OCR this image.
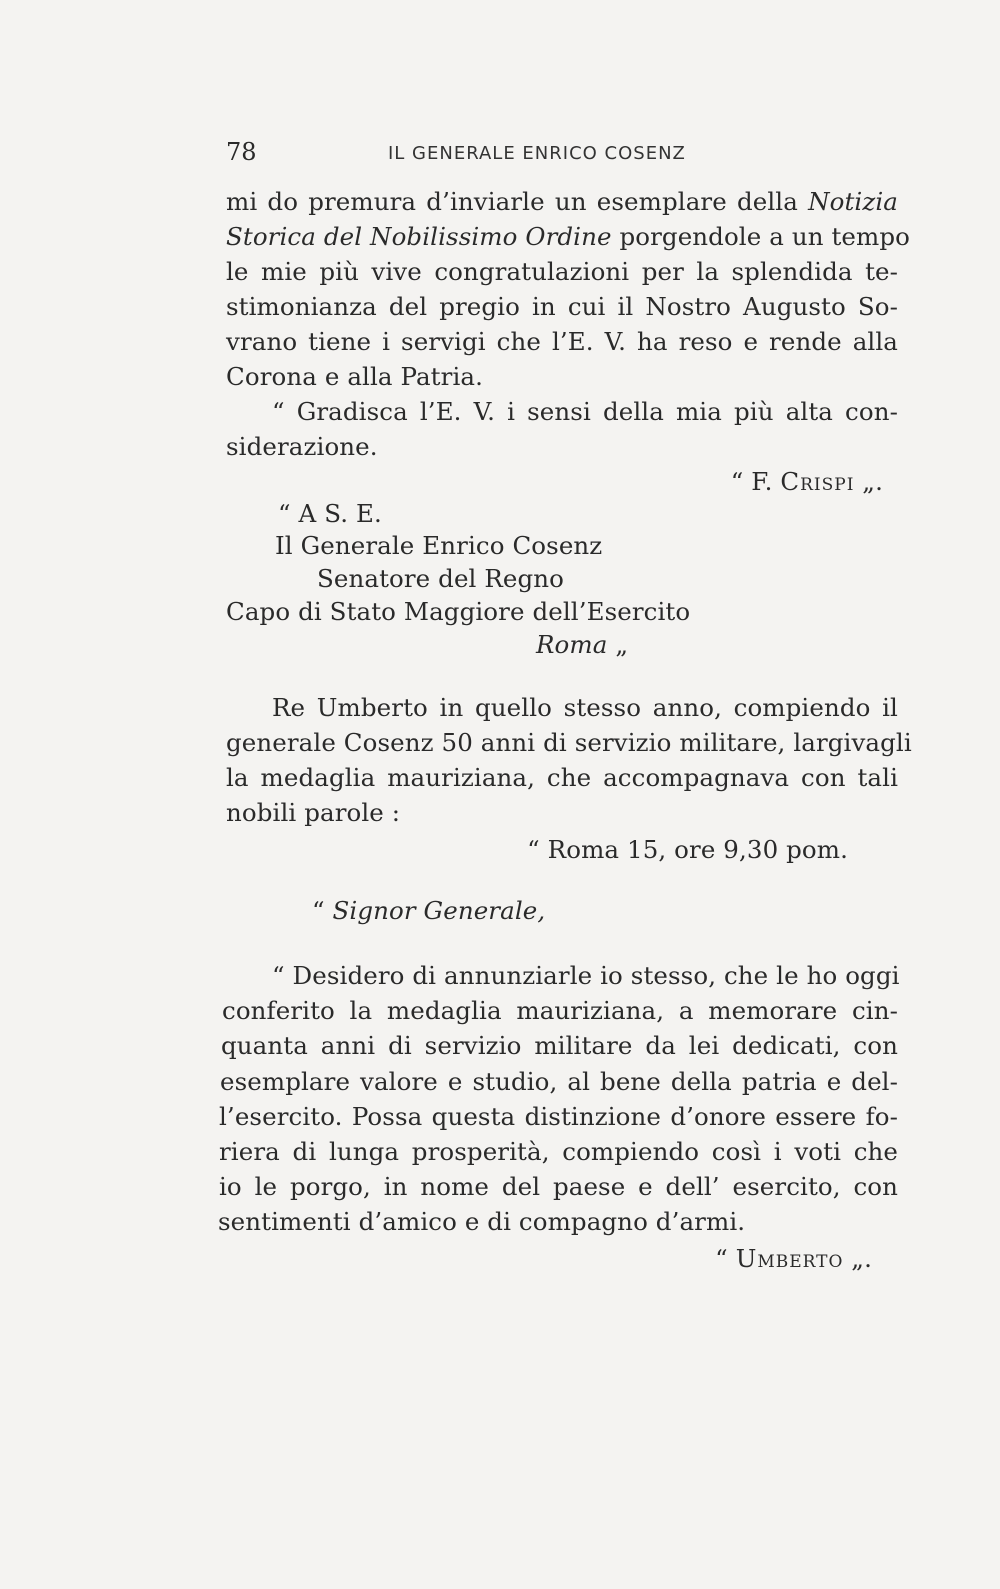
78	IL GENERALE ENRICO COSENZ
mi do premura d’inviarle un esemplare della Notizia
Storica del Nobilissimo Ordine porgendole a un tempo
le mie più vive congratulazioni per la splendida te-
stimonianza del pregio in cui il Nostro Augusto So-
vrano tiene i servigi che l’E. V. ha reso e rende alla
Corona e alla Patria.
“ Gradisca l’E. V. i sensi della mia più alta con-
siderazione.
“ F. Crispi „.
“ A S. E.
Il Generale Enrico Cosenz
Senatore del Regno
Capo di Stato Maggiore dell’Esercito
Roma „
Re Umberto in quello stesso anno, compiendo il
generale Cosenz 50 anni di servizio militare, largivagli
la medaglia mauriziana, che accompagnava con tali
nobili parole :
“ Roma 15, ore 9,30 pom.
“ Signor Generale,
“ Desidero di annunziarle io stesso, che le ho oggi
conferito la medaglia mauriziana, a memorare cin-
quanta anni di servizio militare da lei dedicati, con
esemplare valore e studio, al bene della patria e del-
l’esercito. Possa questa distinzione d’onore essere fo-
riera di lunga prosperità, compiendo così i voti che
io le porgo, in nome del paese e dell’ esercito, con
sentimenti d’amico e di compagno d’armi.
“ Umberto „.
